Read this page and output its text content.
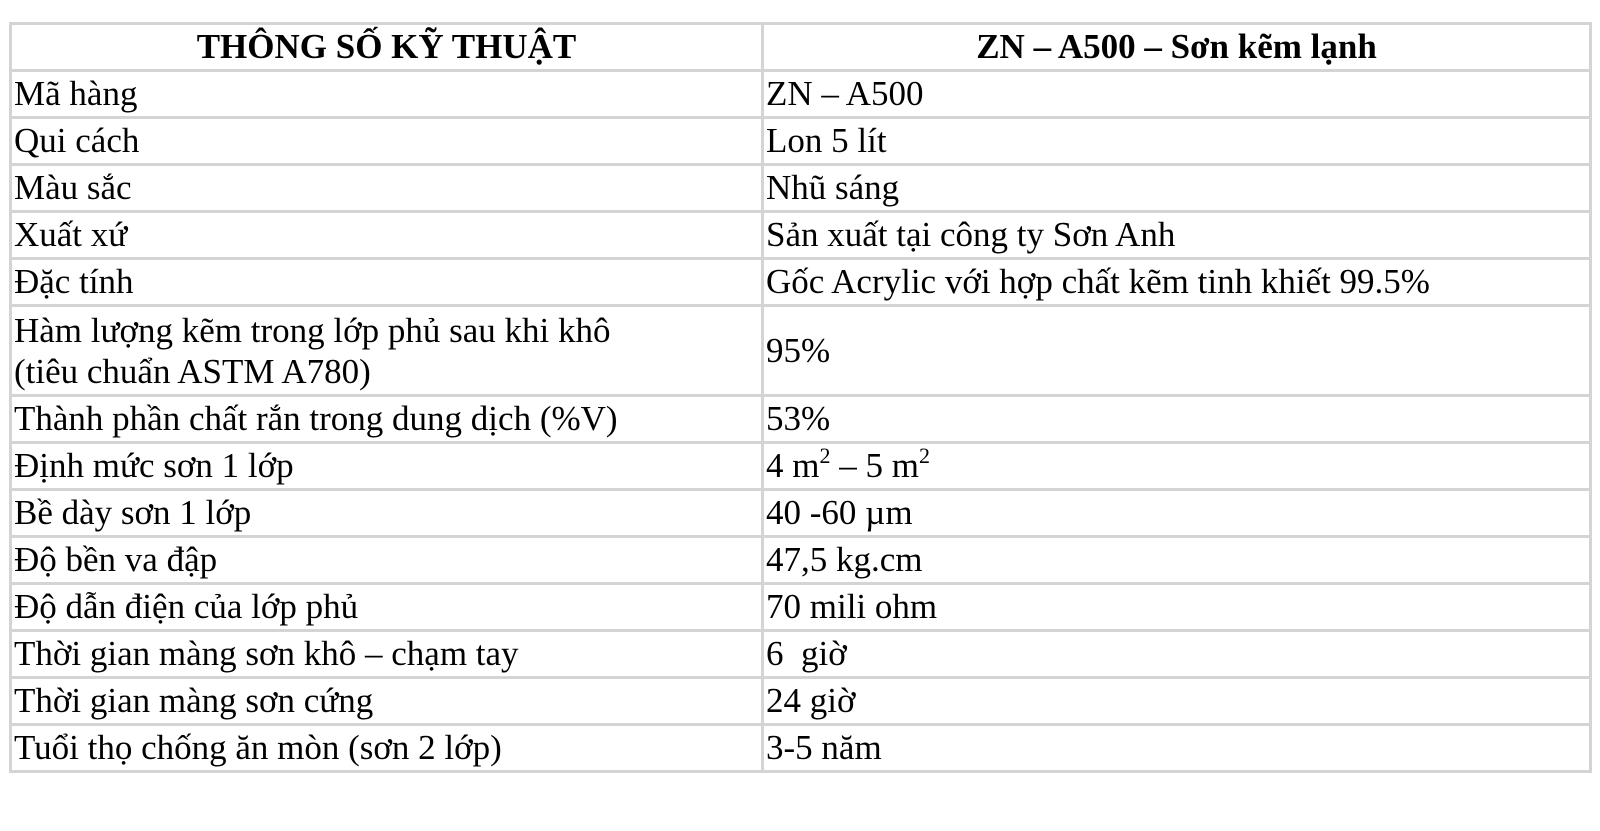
THÔNG SỐ KỸ THUẬT	ZN – A500 – Sơn kẽm lạnh
Mã hàng	ZN – A500
Qui cách	Lon 5 lít
Màu sắc	Nhũ sáng
Xuất xứ	Sản xuất tại công ty Sơn Anh
Đặc tính	Gốc Acrylic với hợp chất kẽm tinh khiết 99.5%
Hàm lượng kẽm trong lớp phủ sau khi khô
(tiêu chuẩn ASTM A780)	95%
Thành phần chất rắn trong dung dịch (%V)	53%
Định mức sơn 1 lớp	4 $m^2 - 5$ $m^2$
Bề dày sơn 1 lớp	40 -60 µm
Độ bền va đập	47,5 kg.cm
Độ dẫn điện của lớp phủ	70 mili ohm
Thời gian màng sơn khô – chạm tay	6  giờ
Thời gian màng sơn cứng	24 giờ
Tuổi thọ chống ăn mòn (sơn 2 lớp)	3-5 năm
